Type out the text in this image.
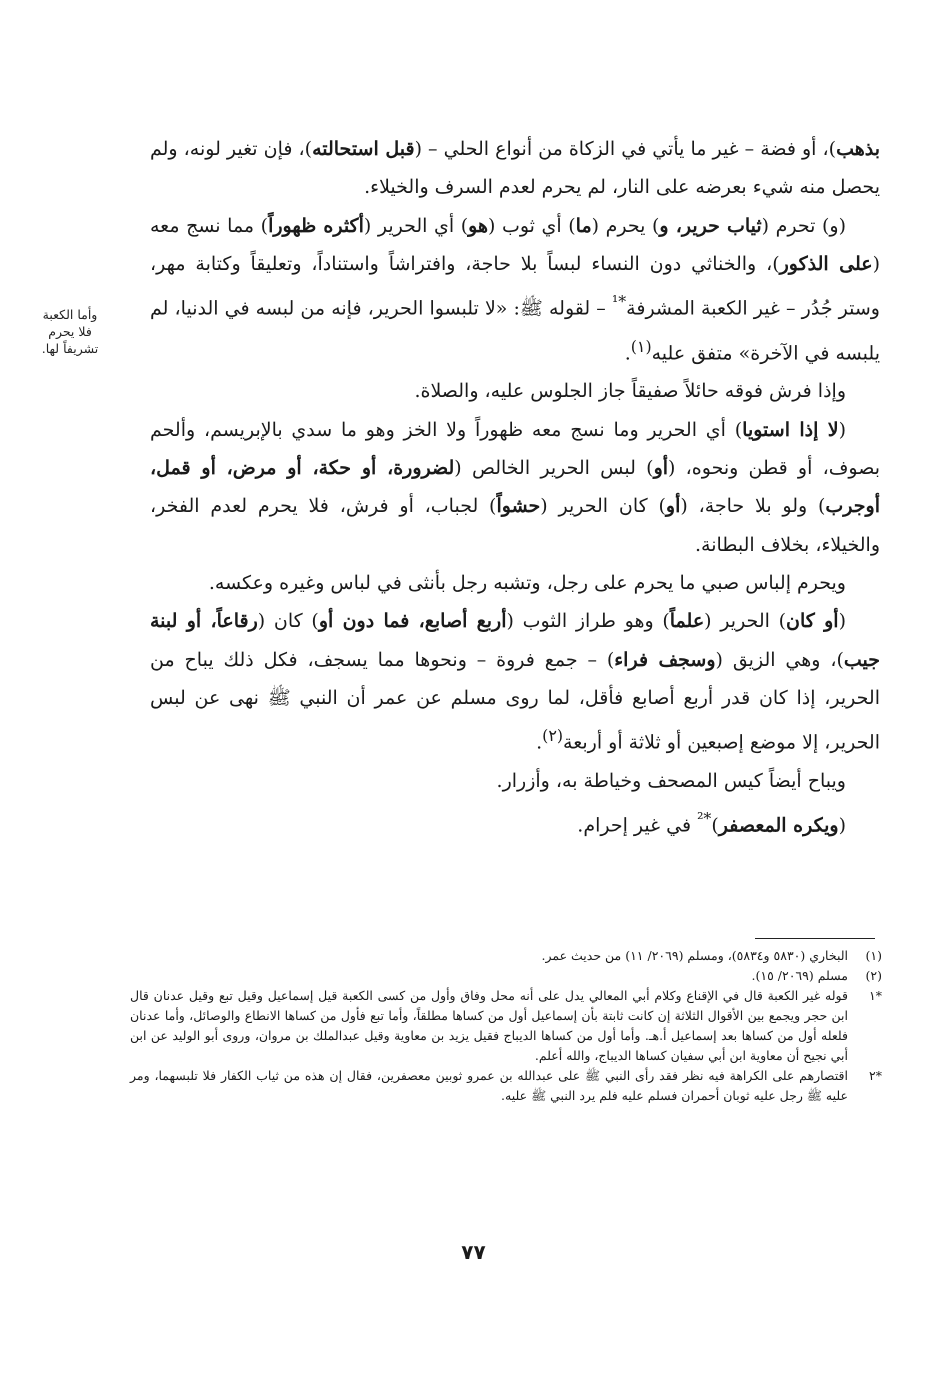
بذهب)، أو فضة – غير ما يأتي في الزكاة من أنواع الحلي – (قبل استحالته)، فإن تغير لونه، ولم يحصل منه شيء بعرضه على النار، لم يحرم لعدم السرف والخيلاء.

(و) تحرم (ثياب حرير، و) يحرم (ما) أي ثوب (هو) أي الحرير (أكثره ظهوراً) مما نسج معه (على الذكور)، والخناثي دون النساء لبساً بلا حاجة، وافتراشاً واستناداً، وتعليقاً وكتابة مهر، وستر جُدُر – غير الكعبة المشرفة$^{*^1}$ – لقوله ﷺ: «لا تلبسوا الحرير، فإنه من لبسه في الدنيا، لم يلبسه في الآخرة» متفق عليه$^{(١)}$.

وإذا فرش فوقه حائلاً صفيقاً جاز الجلوس عليه، والصلاة.

(لا إذا استويا) أي الحرير وما نسج معه ظهوراً ولا الخز وهو ما سدي بالإبريسم، وألحم بصوف، أو قطن ونحوه، (أو) لبس الحرير الخالص (لضرورة، أو حكة، أو مرض، أو قمل، أوجرب) ولو بلا حاجة، (أو) كان الحرير (حشواً) لجباب، أو فرش، فلا يحرم لعدم الفخر، والخيلاء، بخلاف البطانة.

ويحرم إلباس صبي ما يحرم على رجل، وتشبه رجل بأنثى في لباس وغيره وعكسه.

(أو كان) الحرير (علماً) وهو طراز الثوب (أربع أصابع، فما دون أو) كان (رقاعاً، أو لبنة جيب)، وهي الزيق (وسجف فراء) – جمع فروة – ونحوها مما يسجف، فكل ذلك يباح من الحرير، إذا كان قدر أربع أصابع فأقل، لما روى مسلم عن عمر أن النبي ﷺ نهى عن لبس الحرير، إلا موضع إصبعين أو ثلاثة أو أربعة$^{(٢)}$.

ويباح أيضاً كيس المصحف وخياطة به، وأزرار.

(ويكره المعصفر)$^{*^2}$ في غير إحرام.

وأما الكعبة
فلا يحرم
تشريفاً لها.
(١)
البخاري (٥٨٣٠ و٥٨٣٤)، ومسلم (٢٠٦٩/ ١١) من حديث عمر.
(٢)
مسلم (٢٠٦٩/ ١٥).
*١
قوله غير الكعبة قال في الإقناع وكلام أبي المعالي يدل على أنه محل وفاق وأول من كسى الكعبة قيل إسماعيل وقيل تبع وقيل عدنان قال ابن حجر ويجمع بين الأقوال الثلاثة إن كانت ثابتة بأن إسماعيل أول من كساها مطلقاً، وأما تبع فأول من كساها الانطاع والوصائل، وأما عدنان فلعله أول من كساها بعد إسماعيل أ.هـ. وأما أول من كساها الديباج فقيل يزيد بن معاوية وقيل عبدالملك بن مروان، وروى أبو الوليد عن ابن أبي نجيح أن معاوية ابن أبي سفيان كساها الديباج، والله أعلم.
*٢
اقتصارهم على الكراهة فيه نظر فقد رأى النبي ﷺ على عبدالله بن عمرو ثوبين معصفرين، فقال إن هذه من ثياب الكفار فلا تلبسهما، ومر عليه ﷺ رجل عليه ثوبان أحمران فسلم عليه فلم يرد النبي ﷺ عليه.
٧٧
